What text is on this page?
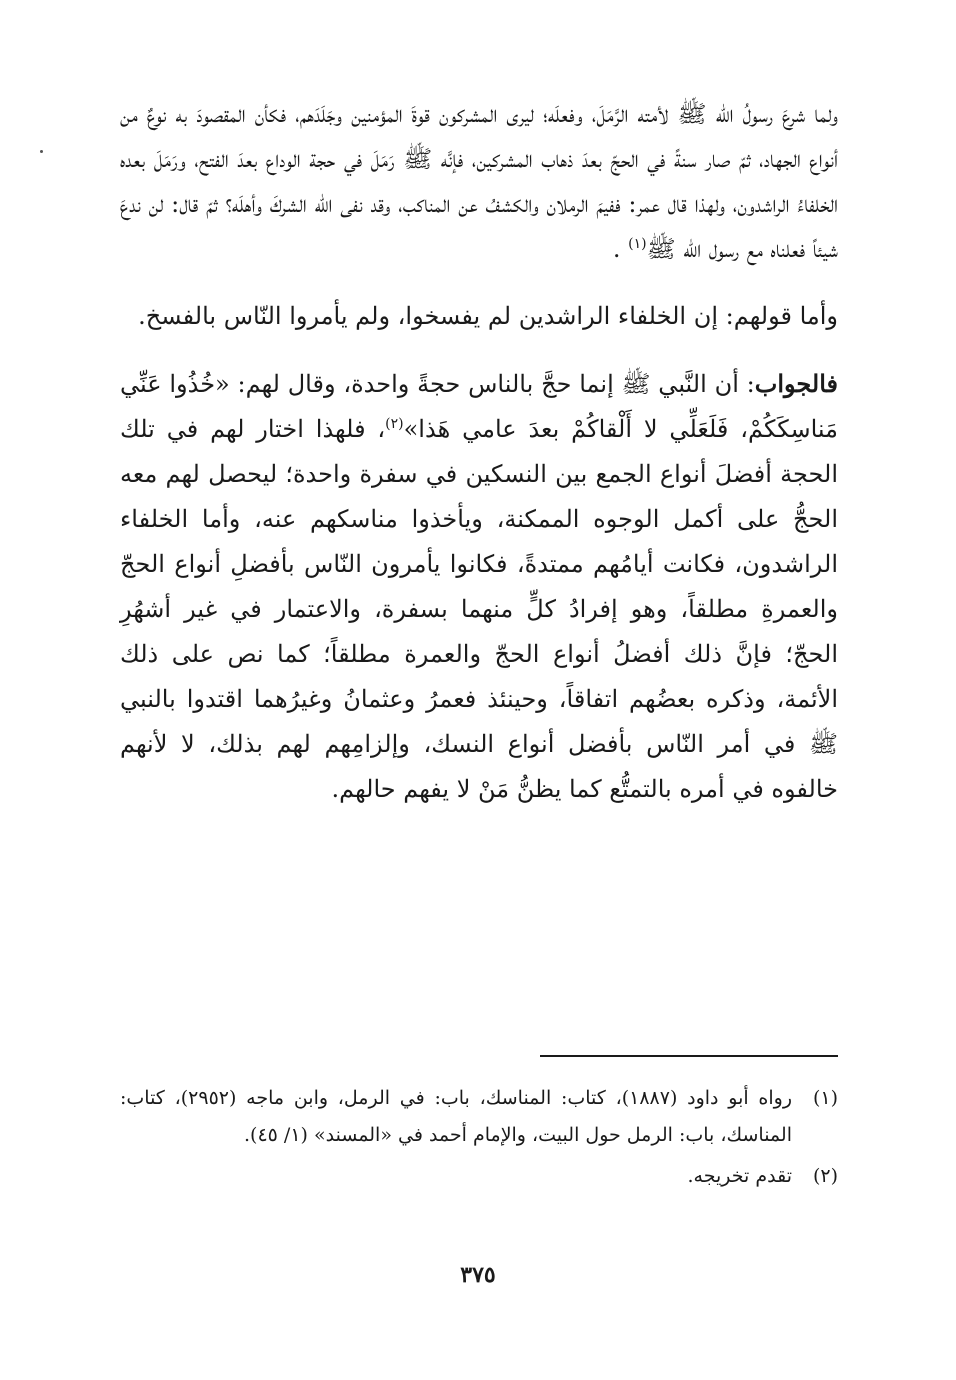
ولما شرعَ رسولُ الله ﷺ لأمته الرَّمَلَ، وفعلَه؛ ليرى المشركون قوةَ المؤمنين وجَلَدَهم، فكأن المقصودَ به نوعٌ من أنواع الجهاد، ثمّ صار سنةً في الحجّ بعدَ ذهاب المشركين، فإنَّه ﷺ رَمَلَ في حجة الوداع بعدَ الفتح، ورَمَلَ بعده الخلفاءُ الراشدون، ولهذا قال عمر: ففيمَ الرملان والكشفُ عن المناكب، وقد نفى الله الشركَ وأهلَه؟ ثمّ قال: لن ندعَ شيئاً فعلناه مع رسول الله ﷺ$^{(١)}$ .

وأما قولهم: إن الخلفاء الراشدين لم يفسخوا، ولم يأمروا النّاس بالفسخ.

فالجواب: أن النَّبي ﷺ إنما حجَّ بالناس حجةً واحدة، وقال لهم: «خُذُوا عَنِّي مَناسِكَكُمْ، فَلَعَلِّي لا أَلْقاكُمْ بعدَ عامي هَذا»$^{(٢)}$، فلهذا اختار لهم في تلك الحجة أفضلَ أنواع الجمع بين النسكين في سفرة واحدة؛ ليحصل لهم معه الحجُّ على أكمل الوجوه الممكنة، ويأخذوا مناسكهم عنه، وأما الخلفاء الراشدون، فكانت أيامُهم ممتدةً، فكانوا يأمرون النّاس بأفضلِ أنواع الحجّ والعمرةِ مطلقاً، وهو إفرادُ كلٍّ منهما بسفرة، والاعتمار في غير أشهُرِ الحجّ؛ فإنَّ ذلك أفضلُ أنواع الحجّ والعمرة مطلقاً؛ كما نص على ذلك الأئمة، وذكره بعضُهم اتفاقاً، وحينئذ فعمرُ وعثمانُ وغيرُهما اقتدوا بالنبي ﷺ في أمر النّاس بأفضل أنواع النسك، وإلزامِهم لهم بذلك، لا لأنهم خالفوه في أمره بالتمتُّع كما يظنُّ مَنْ لا يفهم حالهم.

(١)
رواه أبو داود (١٨٨٧)، كتاب: المناسك، باب: في الرمل، وابن ماجه (٢٩٥٢)، كتاب: المناسك، باب: الرمل حول البيت، والإمام أحمد في «المسند» (١/ ٤٥).
(٢)
تقدم تخريجه.
٣٧٥
